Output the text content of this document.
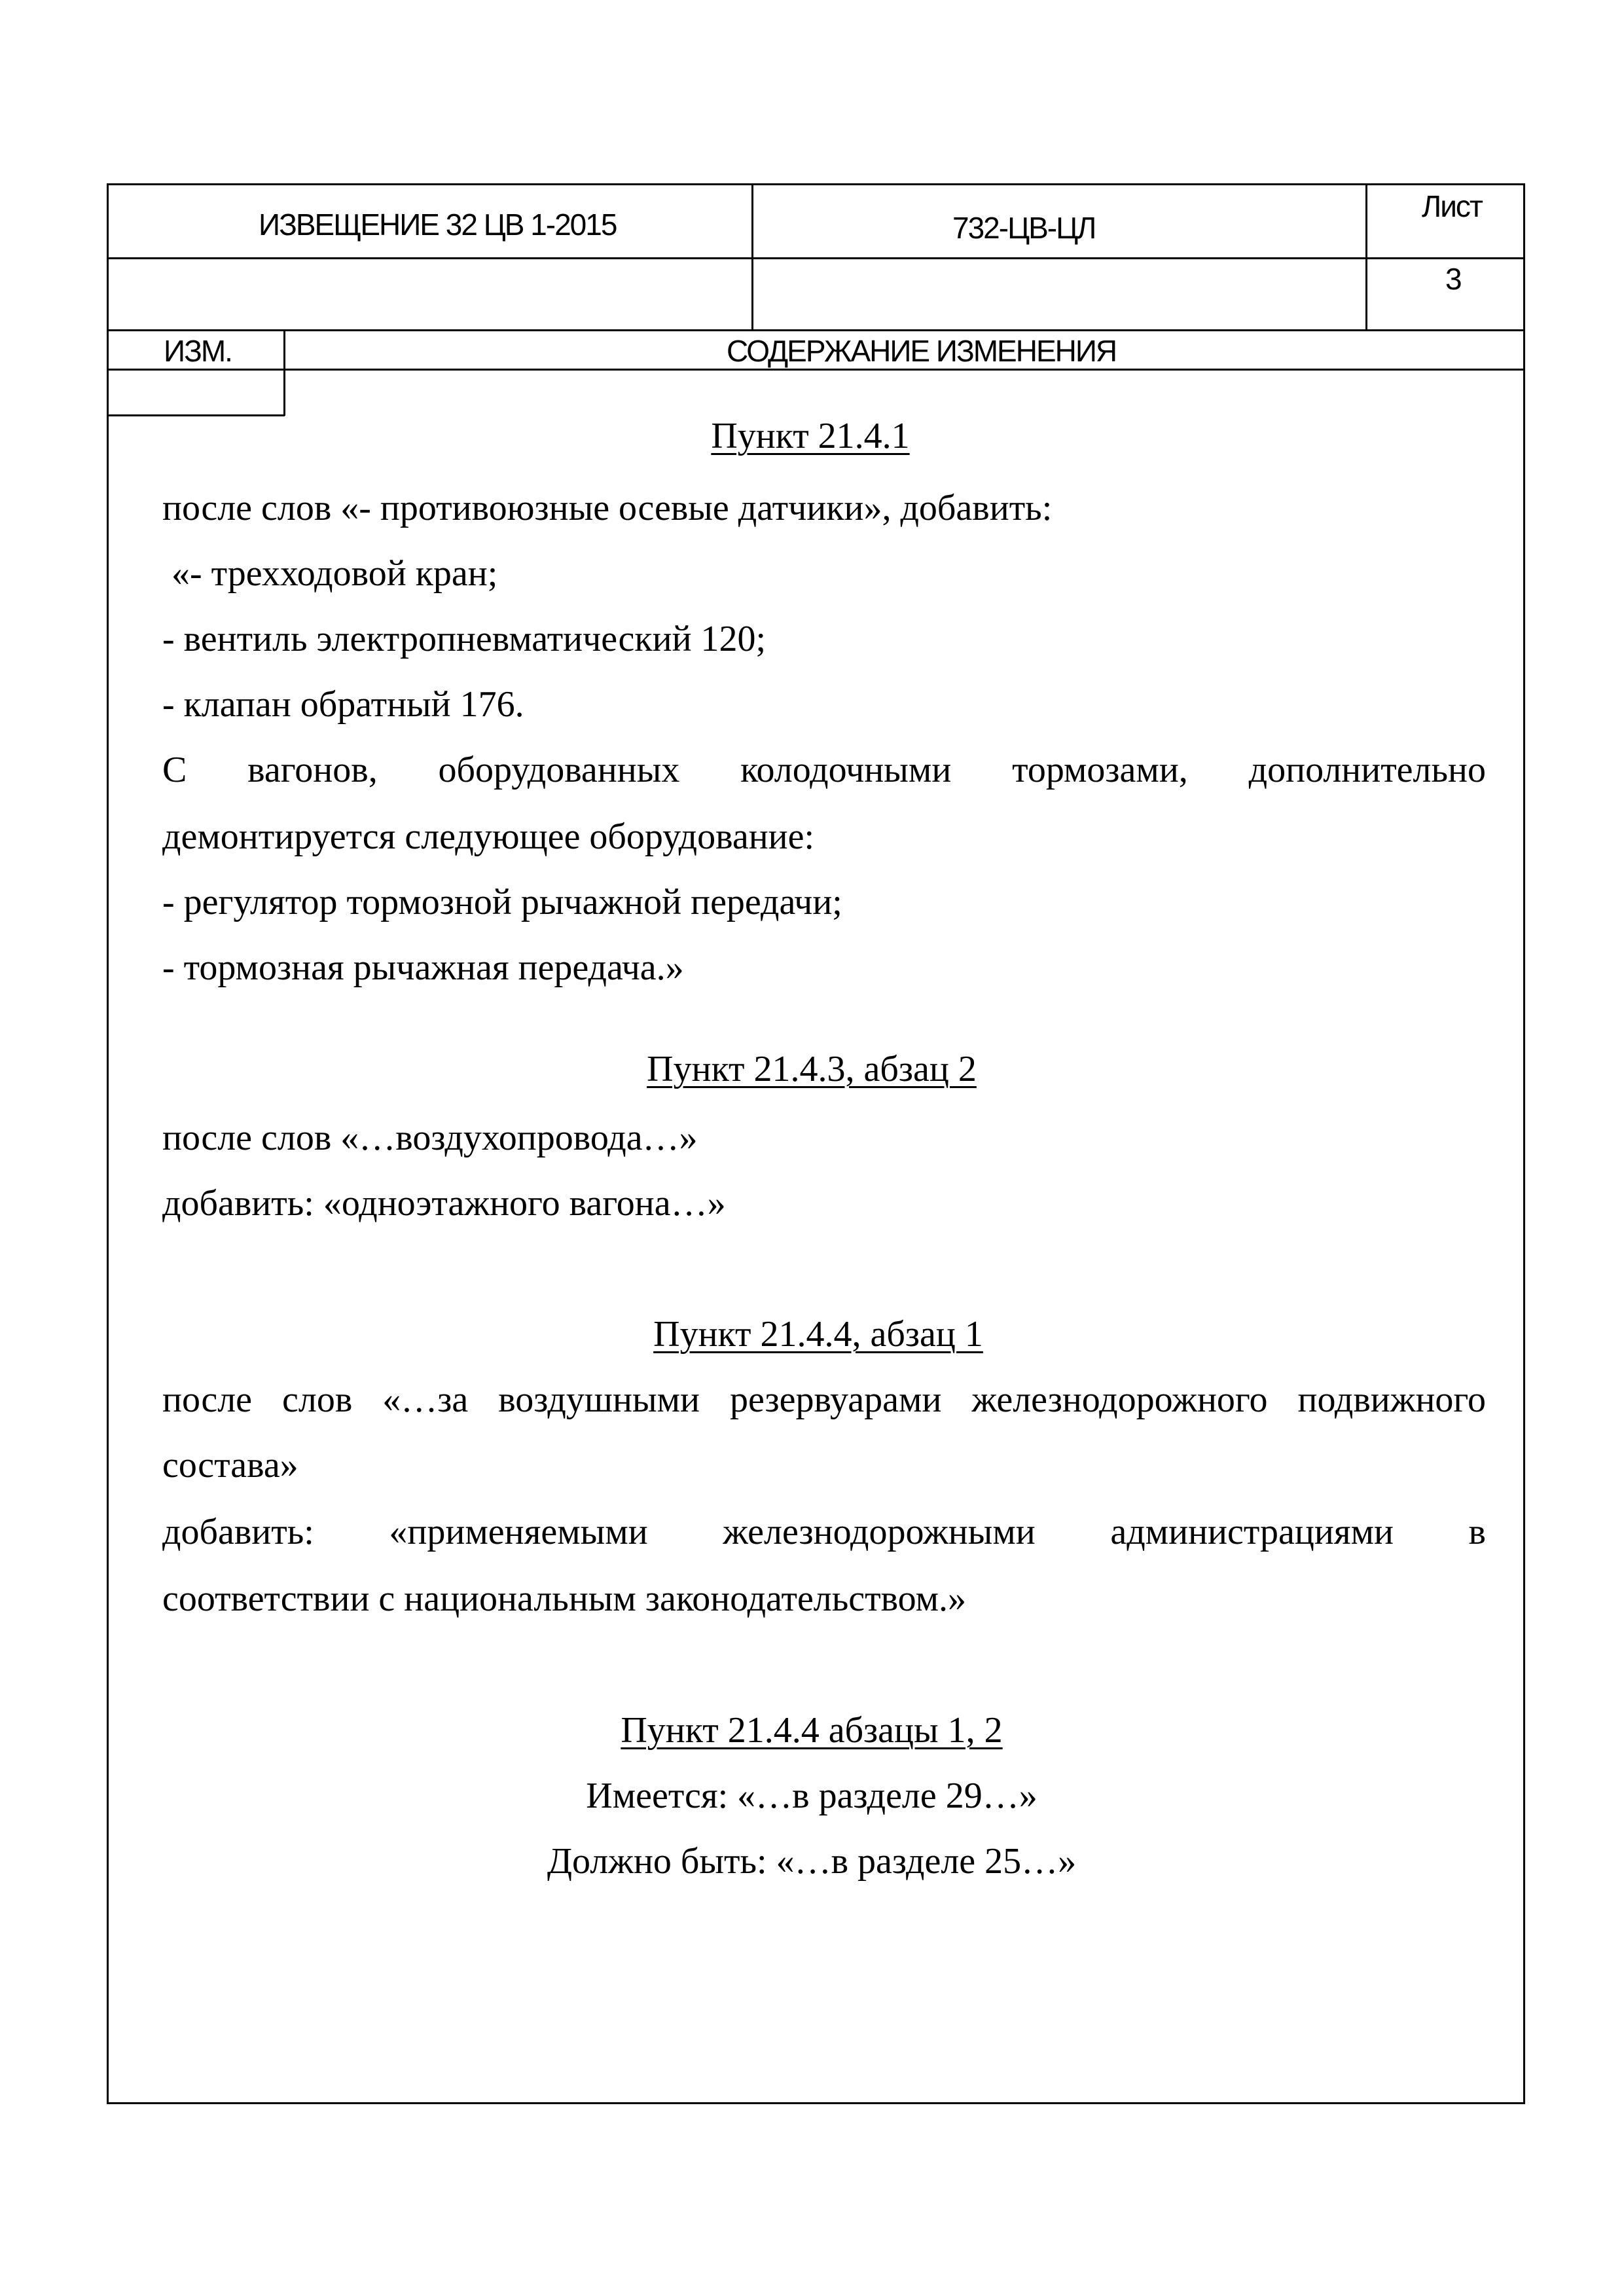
ИЗВЕЩЕНИЕ 32 ЦВ 1-2015	732-ЦВ-ЦЛ
Лист
3
ИЗМ.	СОДЕРЖАНИЕ ИЗМЕНЕНИЯ
Пункт 21.4.1
после слов «- противоюзные осевые датчики», добавить:
«- трехходовой кран;
- вентиль электропневматический 120;
- клапан обратный 176.
С вагонов, оборудованных колодочными тормозами, дополнительно
демонтируется следующее оборудование:
- регулятор тормозной рычажной передачи;
- тормозная рычажная передача.»
Пункт 21.4.3, абзац 2
после слов «…воздухопровода…»
добавить: «одноэтажного вагона…»
Пункт 21.4.4, абзац 1
после слов «…за воздушными резервуарами железнодорожного подвижного
состава»
добавить: «применяемыми железнодорожными администрациями в
соответствии с национальным законодательством.»
Пункт 21.4.4 абзацы 1, 2
Имеется: «…в разделе 29…»
Должно быть: «…в разделе 25…»
